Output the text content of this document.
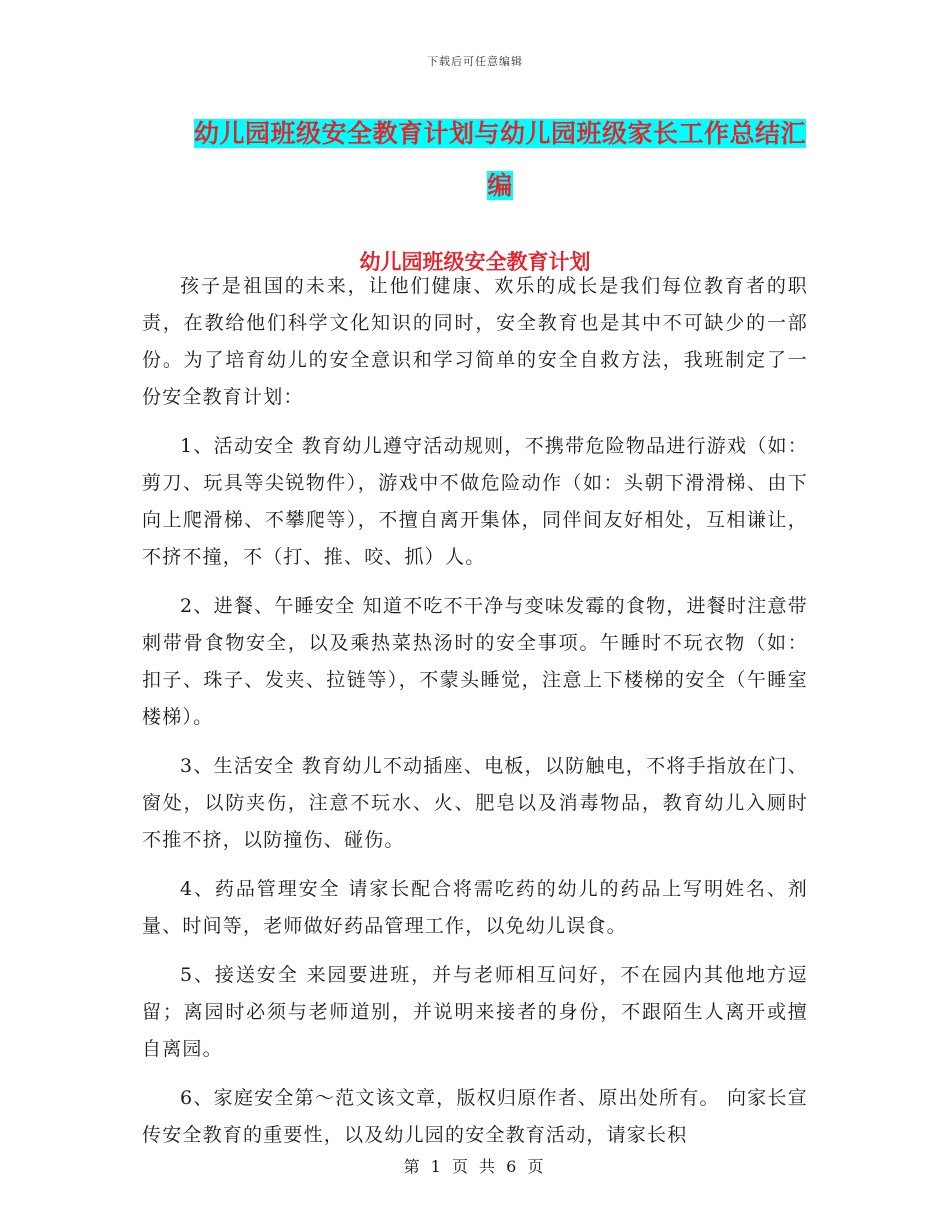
下载后可任意编辑
幼儿园班级安全教育计划与幼儿园班级家长工作总结汇编
幼儿园班级安全教育计划

孩子是祖国的未来，让他们健康、欢乐的成长是我们每位教育者的职责，在教给他们科学文化知识的同时，安全教育也是其中不可缺少的一部份。为了培育幼儿的安全意识和学习简单的安全自救方法，我班制定了一份安全教育计划：

1、活动安全 教育幼儿遵守活动规则，不携带危险物品进行游戏（如：剪刀、玩具等尖锐物件），游戏中不做危险动作（如：头朝下滑滑梯、由下向上爬滑梯、不攀爬等），不擅自离开集体，同伴间友好相处，互相谦让，不挤不撞，不（打、推、咬、抓）人。

2、进餐、午睡安全 知道不吃不干净与变味发霉的食物，进餐时注意带刺带骨食物安全，以及乘热菜热汤时的安全事项。午睡时不玩衣物（如：扣子、珠子、发夹、拉链等），不蒙头睡觉，注意上下楼梯的安全（午睡室楼梯）。

3、生活安全 教育幼儿不动插座、电板，以防触电，不将手指放在门、窗处，以防夹伤，注意不玩水、火、肥皂以及消毒物品，教育幼儿入厕时不推不挤，以防撞伤、碰伤。

4、药品管理安全 请家长配合将需吃药的幼儿的药品上写明姓名、剂量、时间等，老师做好药品管理工作，以免幼儿误食。

5、接送安全 来园要进班，并与老师相互问好，不在园内其他地方逗留；离园时必须与老师道别，并说明来接者的身份，不跟陌生人离开或擅自离园。

6、家庭安全第～范文该文章，版权归原作者、原出处所有。 向家长宣传安全教育的重要性，以及幼儿园的安全教育活动，请家长积

第 1 页 共 6 页
